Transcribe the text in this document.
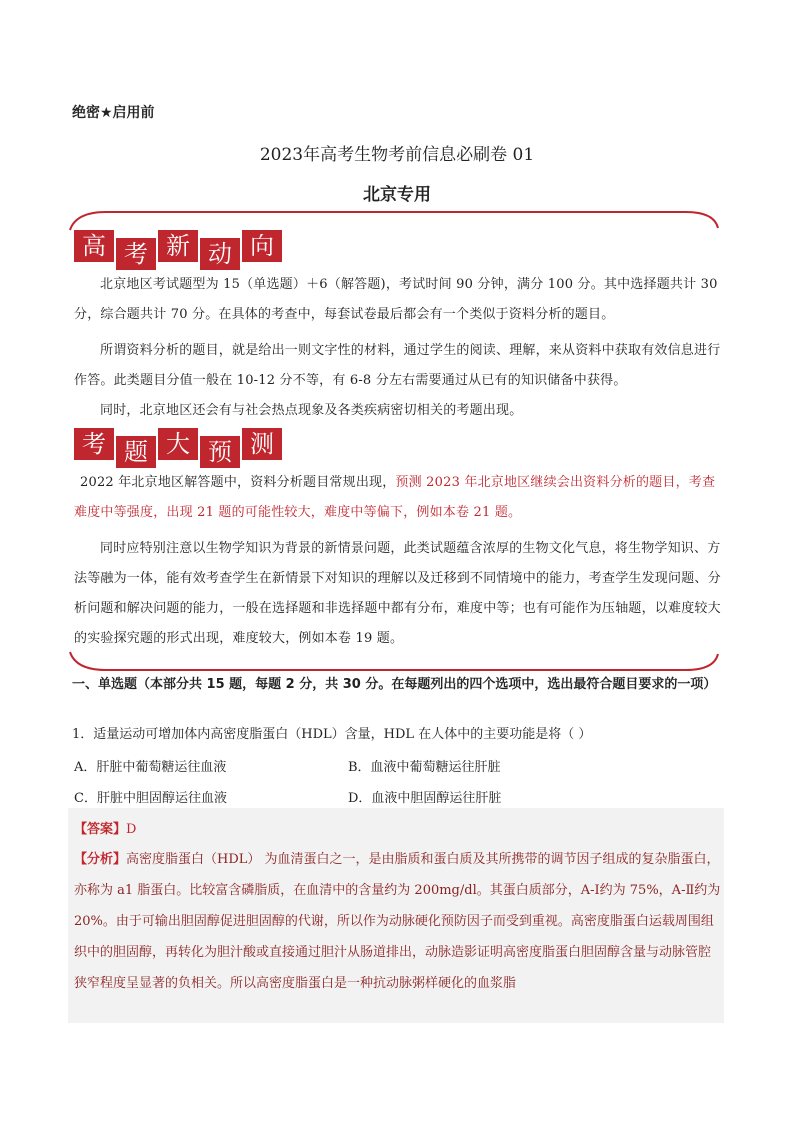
绝密★启用前
2023年高考生物考前信息必刷卷 01
北京专用
高 考 新 动 向
北京地区考试题型为 15（单选题）＋6（解答题)，考试时间 90 分钟，满分 100 分。其中选择题共计 30 分，综合题共计 70 分。在具体的考查中，每套试卷最后都会有一个类似于资料分析的题目。
所谓资料分析的题目，就是给出一则文字性的材料，通过学生的阅读、理解，来从资料中获取有效信息进行作答。此类题目分值一般在 10-12 分不等，有 6-8 分左右需要通过从已有的知识储备中获得。
同时，北京地区还会有与社会热点现象及各类疾病密切相关的考题出现。
考 题 大 预 测
2022 年北京地区解答题中，资料分析题目常规出现，预测 2023 年北京地区继续会出资料分析的题目，考查难度中等强度，出现 21 题的可能性较大，难度中等偏下，例如本卷 21 题。
同时应特别注意以生物学知识为背景的新情景问题，此类试题蕴含浓厚的生物文化气息，将生物学知识、方法等融为一体，能有效考查学生在新情景下对知识的理解以及迁移到不同情境中的能力，考查学生发现问题、分析问题和解决问题的能力，一般在选择题和非选择题中都有分布，难度中等；也有可能作为压轴题，以难度较大的实验探究题的形式出现，难度较大，例如本卷 19 题。
一、单选题（本部分共 15 题，每题 2 分，共 30 分。在每题列出的四个选项中，选出最符合题目要求的一项）
1．适量运动可增加体内高密度脂蛋白（HDL）含量，HDL 在人体中的主要功能是将（ ）
A．肝脏中葡萄糖运往血液	B．血液中葡萄糖运往肝脏
C．肝脏中胆固醇运往血液	D．血液中胆固醇运往肝脏
【答案】D
【分析】高密度脂蛋白（HDL） 为血清蛋白之一，是由脂质和蛋白质及其所携带的调节因子组成的复杂脂蛋白，亦称为 a1 脂蛋白。比较富含磷脂质，在血清中的含量约为 200mg/dl。其蛋白质部分，A-Ⅰ约为 75%，A-Ⅱ约为 20%。由于可输出胆固醇促进胆固醇的代谢，所以作为动脉硬化预防因子而受到重视。高密度脂蛋白运载周围组织中的胆固醇，再转化为胆汁酸或直接通过胆汁从肠道排出，动脉造影证明高密度脂蛋白胆固醇含量与动脉管腔狭窄程度呈显著的负相关。所以高密度脂蛋白是一种抗动脉粥样硬化的血浆脂
